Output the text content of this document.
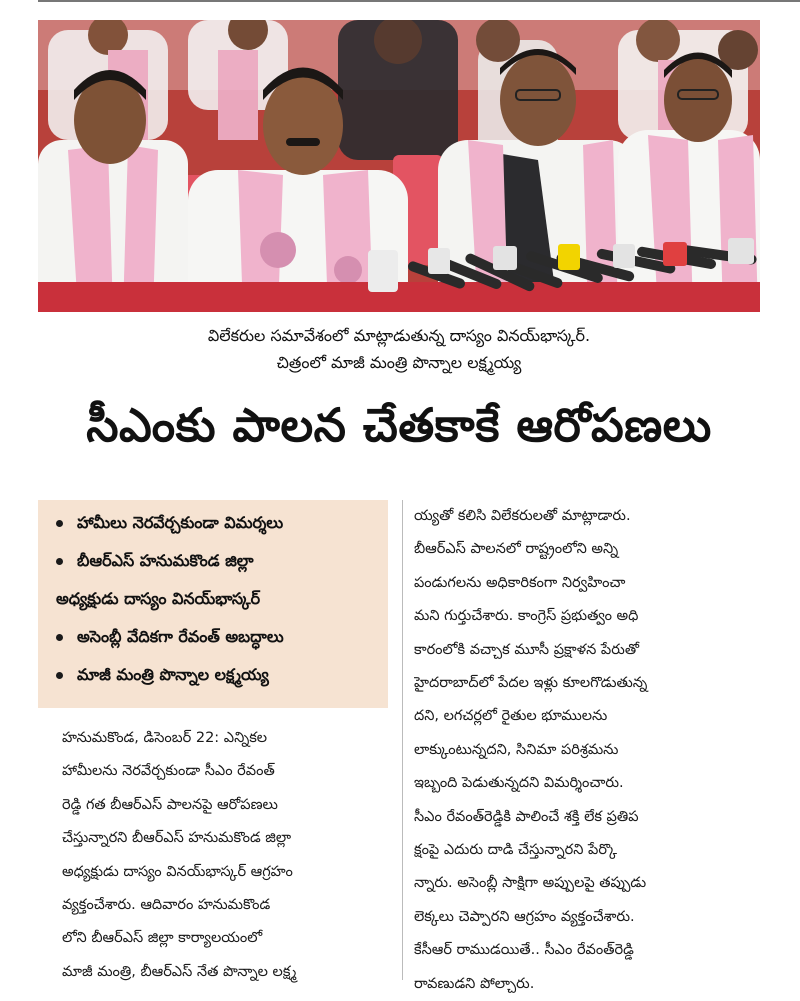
విలేకరుల సమావేశంలో మాట్లాడుతున్న దాస్యం వినయ్‌భాస్కర్.
చిత్రంలో మాజీ మంత్రి పొన్నాల లక్ష్మయ్య
సీఎంకు పాలన చేతకాకే ఆరోపణలు
హామీలు నెరవేర్చకుండా విమర్శలు
బీఆర్‌ఎస్ హనుమకొండ జిల్లా
అధ్యక్షుడు దాస్యం వినయ్‌భాస్కర్
అసెంబ్లీ వేదికగా రేవంత్ అబద్ధాలు
మాజీ మంత్రి పొన్నాల లక్ష్మయ్య
హనుమకొండ, డిసెంబర్ 22: ఎన్నికల
హామీలను నెరవేర్చకుండా సీఎం రేవంత్
రెడ్డి గత బీఆర్‌ఎస్ పాలనపై ఆరోపణలు
చేస్తున్నారని బీఆర్‌ఎస్ హనుమకొండ జిల్లా
అధ్యక్షుడు దాస్యం వినయ్‌భాస్కర్ ఆగ్రహం
వ్యక్తంచేశారు. ఆదివారం హనుమకొండ
లోని బీఆర్‌ఎస్ జిల్లా కార్యాలయంలో
మాజీ మంత్రి, బీఆర్‌ఎస్ నేత పొన్నాల లక్ష్మ
య్యతో కలిసి విలేకరులతో మాట్లాడారు.
బీఆర్‌ఎస్ పాలనలో రాష్ట్రంలోని అన్ని
పండుగలను అధికారికంగా నిర్వహించా
మని గుర్తుచేశారు. కాంగ్రెస్ ప్రభుత్వం అధి
కారంలోకి వచ్చాక మూసీ ప్రక్షాళన పేరుతో
హైదరాబాద్‌లో పేదల ఇళ్లు కూలగొడుతున్న
దని, లగచర్లలో రైతుల భూములను
లాక్కుంటున్నదని, సినిమా పరిశ్రమను
ఇబ్బంది పెడుతున్నదని విమర్శించారు.
సీఎం రేవంత్‌రెడ్డికి పాలించే శక్తి లేక ప్రతిప
క్షంపై ఎదురు దాడి చేస్తున్నారని పేర్కొ
న్నారు. అసెంబ్లీ సాక్షిగా అప్పులపై తప్పుడు
లెక్కలు చెప్పారని ఆగ్రహం వ్యక్తంచేశారు.
కేసీఆర్ రాముడయితే.. సీఎం రేవంత్‌రెడ్డి
రావణుడని పోల్చారు.
